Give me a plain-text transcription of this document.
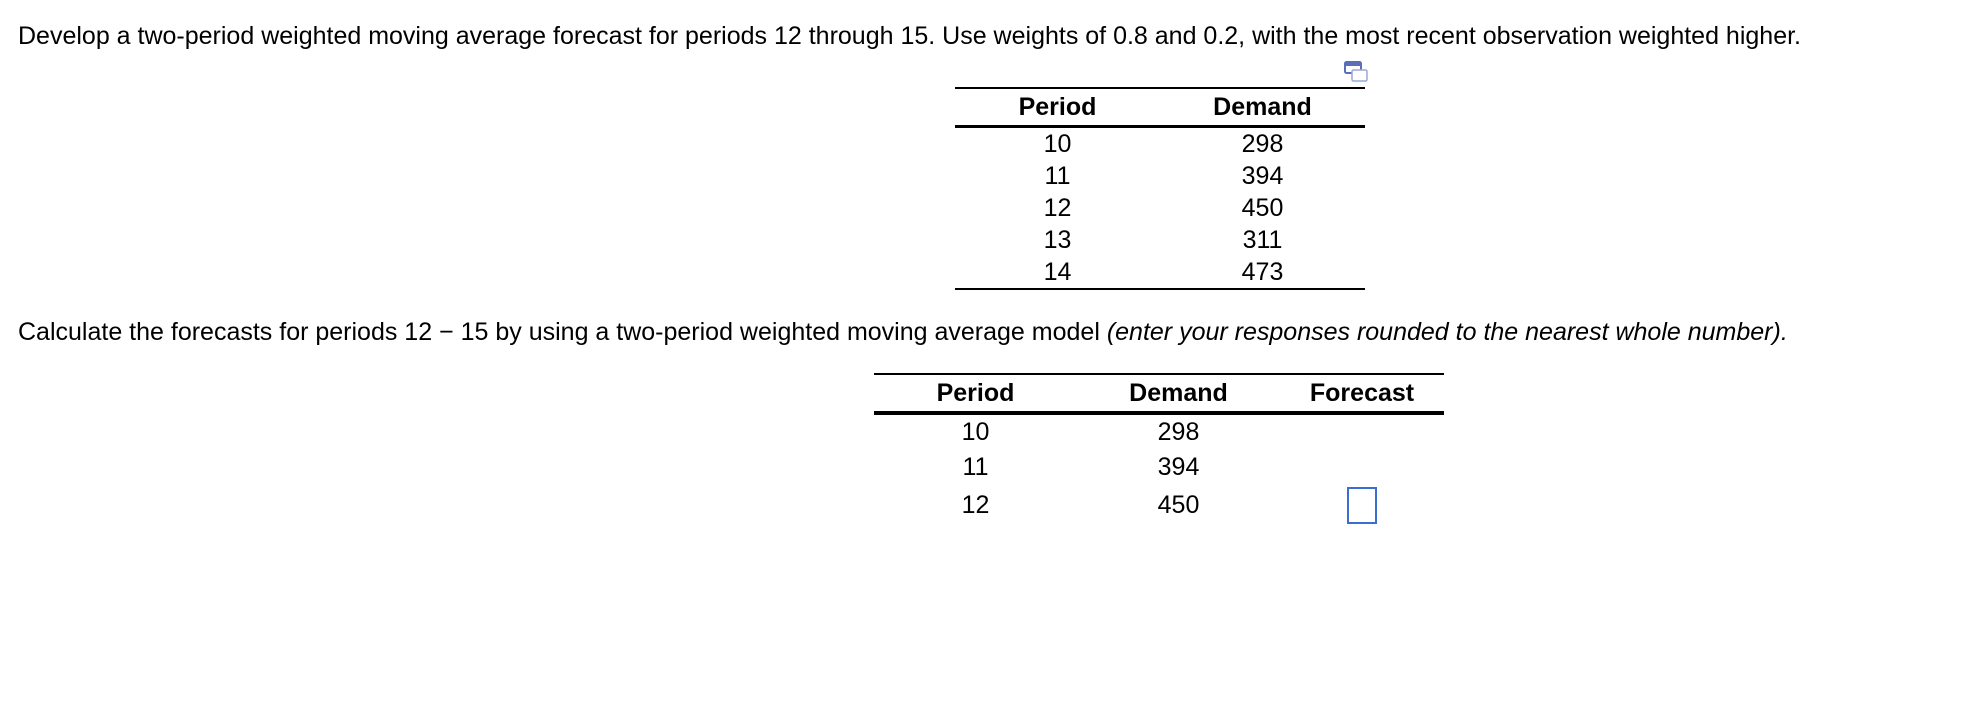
Develop a two-period weighted moving average forecast for periods 12 through 15. Use weights of 0.8 and 0.2, with the most recent observation weighted higher.

Period	Demand
10	298
11	394
12	450
13	311
14	473

Calculate the forecasts for periods 12 − 15 by using a two-period weighted moving average model (enter your responses rounded to the nearest whole number).

Period	Demand	Forecast
10	298	
11	394	
12	450	
